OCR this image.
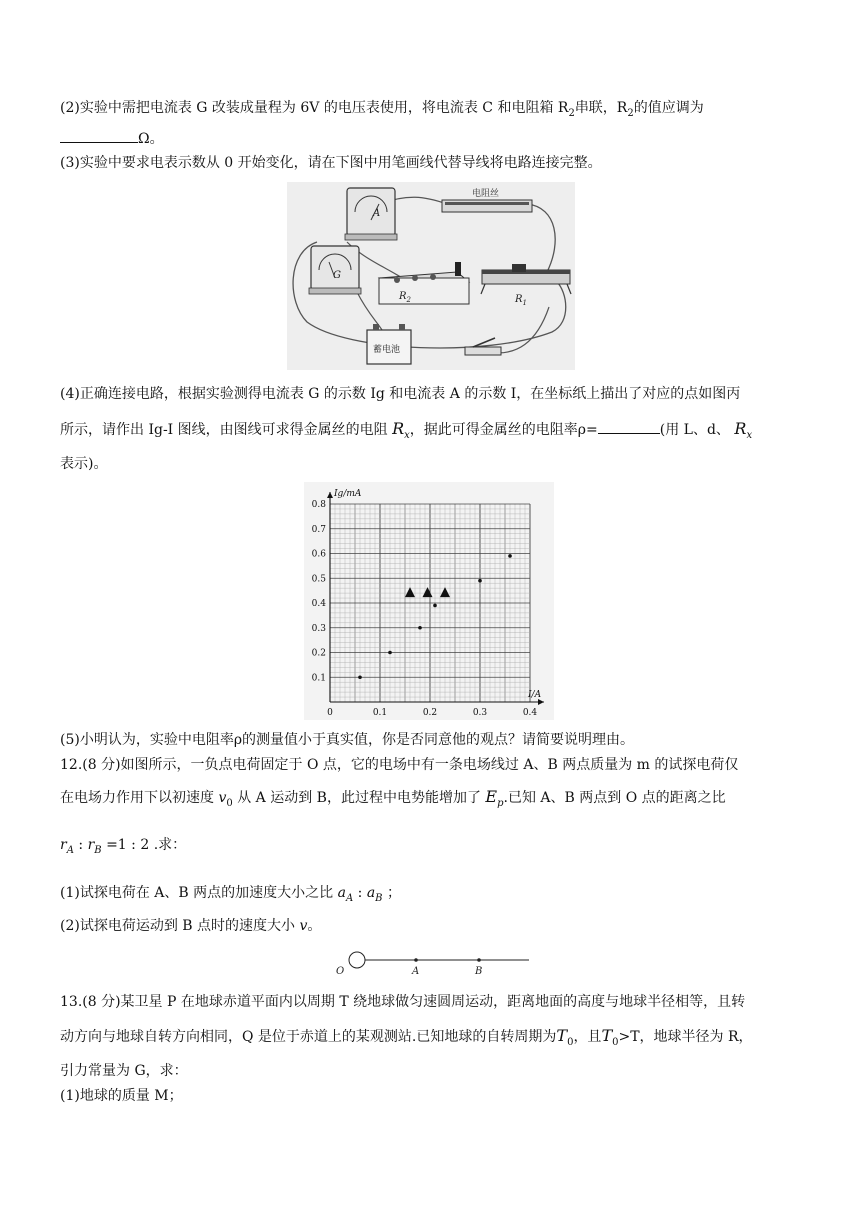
(2)实验中需把电流表 G 改装成量程为 6V 的电压表使用，将电流表 C 和电阻箱 $R_2$串联，$R_2$的值应调为
Ω。
(3)实验中要求电表示数从 0 开始变化，请在下图中用笔画线代替导线将电路连接完整。
电阻丝
A
G
$R_2$	$R_1$
蓄电池
(4)正确连接电路，根据实验测得电流表 G 的示数 Ig 和电流表 A 的示数 I，在坐标纸上描出了对应的点如图丙
所示，请作出 Ig-I 图线，由图线可求得金属丝的电阻 $R_x$，据此可得金属丝的电阻率ρ=	(用 L、d、 $R_x$
表示)。
I/A
Ig/mA
0	0.1	0.2	0.3	0.4
0.1
0.2
0.3
0.4
0.5
0.6
0.7
0.8
(5)小明认为，实验中电阻率ρ的测量值小于真实值，你是否同意他的观点？请简要说明理由。
12.(8 分)如图所示，一负点电荷固定于 O 点，它的电场中有一条电场线过 A、B 两点质量为 m 的试探电荷仅
在电场力作用下以初速度 $v_0$ 从 A 运动到 B，此过程中电势能增加了 $E_p$.已知 A、B 两点到 O 点的距离之比
$r_A$ : $r_B =1$ : 2 .求：
(1)试探电荷在 A、B 两点的加速度大小之比 $a_A$ : $a_B$ ；
(2)试探电荷运动到 B 点时的速度大小 v。
O	A	B
13.(8 分)某卫星 P 在地球赤道平面内以周期 T 绕地球做匀速圆周运动，距离地面的高度与地球半径相等，且转
动方向与地球自转方向相同，Q 是位于赤道上的某观测站.已知地球的自转周期为$T_0$，且$T_0>T$，地球半径为 R，
引力常量为 G，求：
(1)地球的质量 M；
